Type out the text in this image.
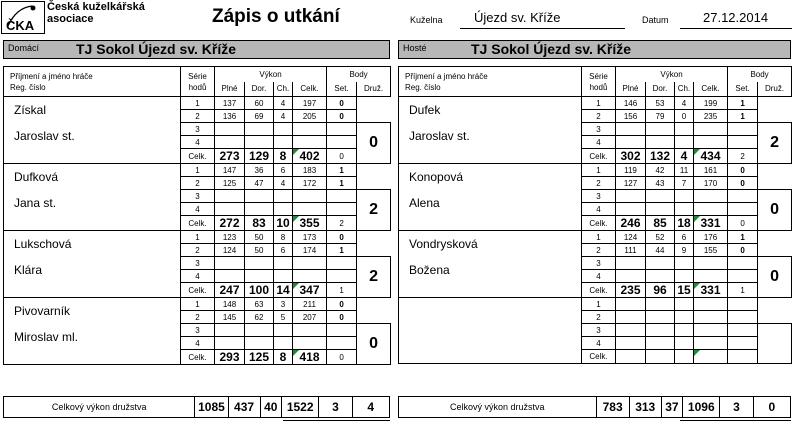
ČKA
Česká kuželkářská
asociace	Zápis o utkání	Kuželna Újezd sv. Kříže	Datum	27.12.2014
Domácí	TJ Sokol Újezd sv. Kříže	Hosté	TJ Sokol Újezd sv. Kříže
Příjmení a jméno hráče
Reg. číslo	Série
hodů	Výkon				Body	
		Plné	Dor.	Ch.	Celk.	Set.	Druž.

Získal
Jaroslav st.	1	137	60	4	197	0	
	2	136	69	4	205	0	
	3						0
	4						
	Celk.	273	129	8	402	0	

Dufková
Jana st.	1	147	36	6	183	1	
	2	125	47	4	172	1	
	3						2
	4						
	Celk.	272	83	10	355	2	

Lukschová
Klára	1	123	50	8	173	0	
	2	124	50	6	174	1	
	3						2
	4						
	Celk.	247	100	14	347	1	

Pivovarník
Miroslav ml.	1	148	63	3	211	0	
	2	145	62	5	207	0	
	3						0
	4						
	Celk.	293	125	8	418	0	
Příjmení a jméno hráče
Reg. číslo	Série
hodů	Výkon				Body	
		Plné	Dor.	Ch.	Celk.	Set.	Druž.

Dufek
Jaroslav st.	1	146	53	4	199	1	
	2	156	79	0	235	1	
	3						2
	4						
	Celk.	302	132	4	434	2	

Konopová
Alena	1	119	42	11	161	0	
	2	127	43	7	170	0	
	3						0
	4						
	Celk.	246	85	18	331	0	

Vondrysková
Božena	1	124	52	6	176	1	
	2	111	44	9	155	0	
	3						0
	4						
	Celk.	235	96	15	331	1	

	1						
	2						
	3						
	4						
	Celk.						
Celkový výkon družstva	1085	437	40	1522	3	4	Celkový výkon družstva	783	313	37	1096	3	0
